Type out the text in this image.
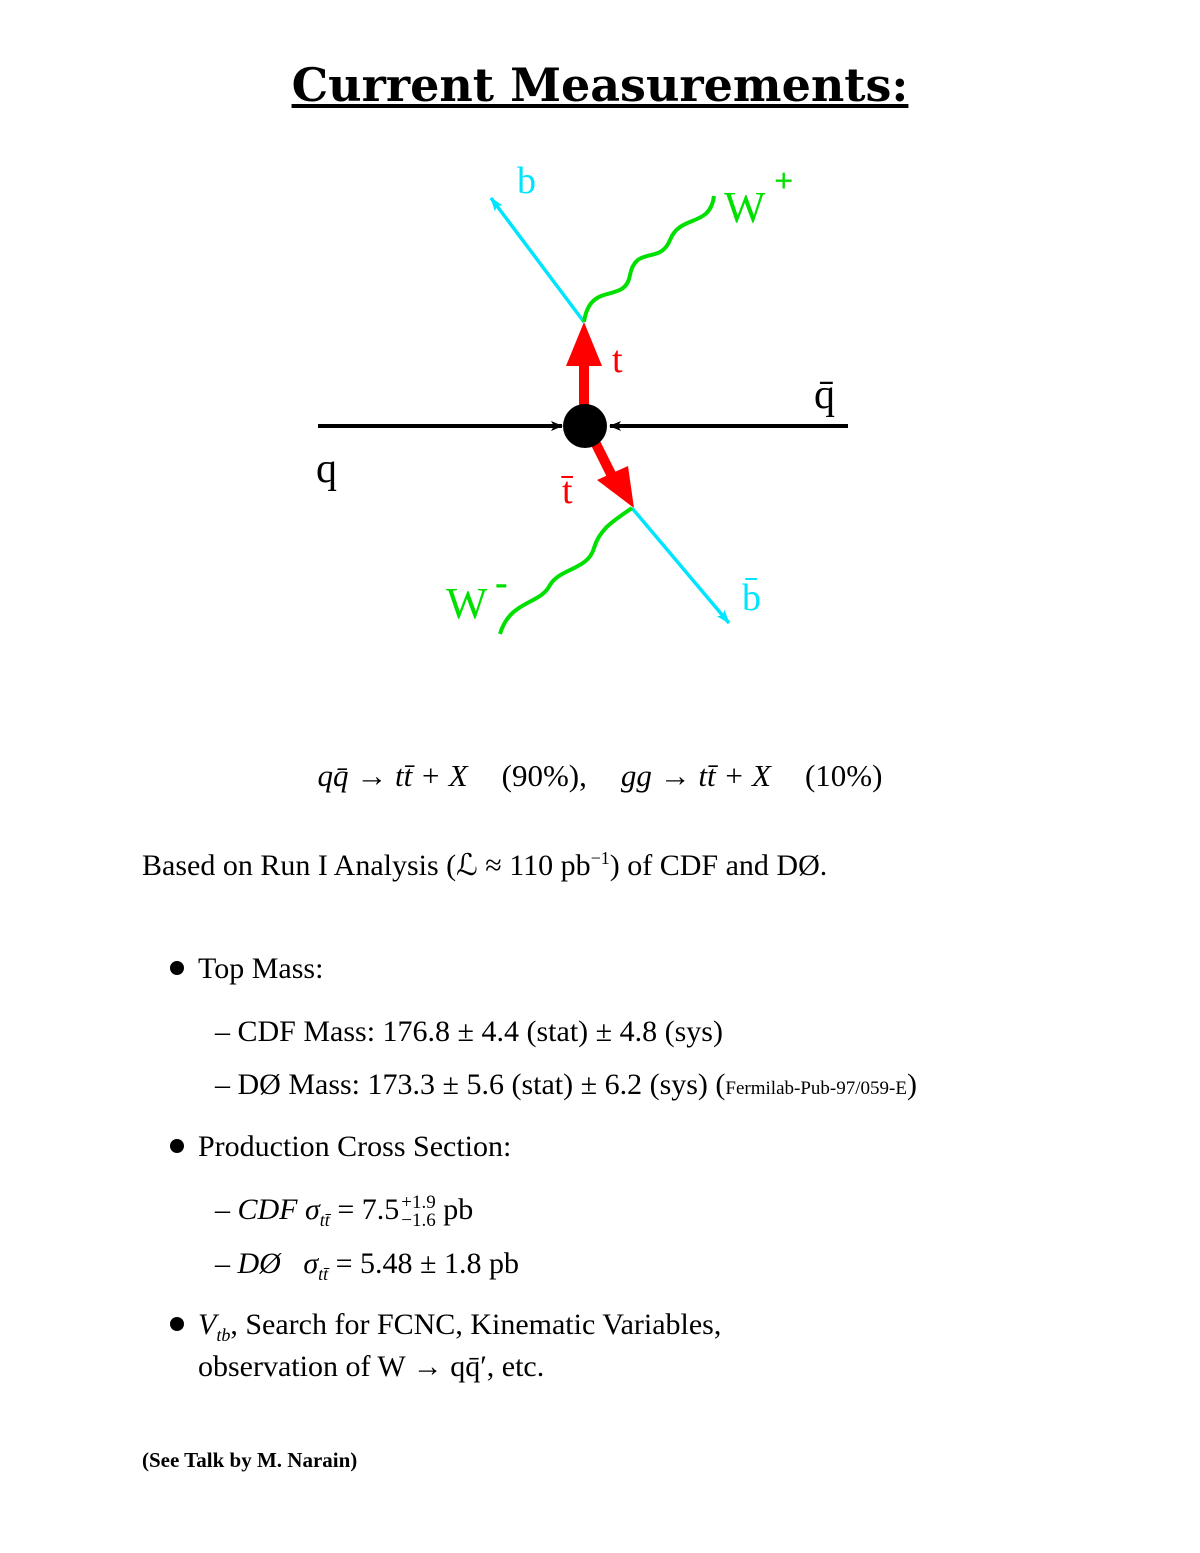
Current Measurements:
b
W
+
t
q̄
q	t̄
W -	b̄
qq̄ → tt̄ + X (90%), gg → tt̄ + X (10%)
Based on Run I Analysis (ℒ ≈ 110 $pb^{-1}$) of CDF and DØ.
Top Mass:
– CDF Mass: 176.8 ± 4.4 (stat) ± 4.8 (sys)
– DØ Mass: 173.3 ± 5.6 (stat) ± 6.2 (sys) (Fermilab-Pub-97/059-E)
Production Cross Section:
– CDF $\sigma_{tt̄} = 7.5 +1.9$
−1.6 pb
– DØ   $\sigma_{tt̄} = 5.48 \pm 1.8$ pb
$V_{tb}$, Search for FCNC, Kinematic Variables,
observation of W → qq̄′, etc.
(See Talk by M. Narain)
